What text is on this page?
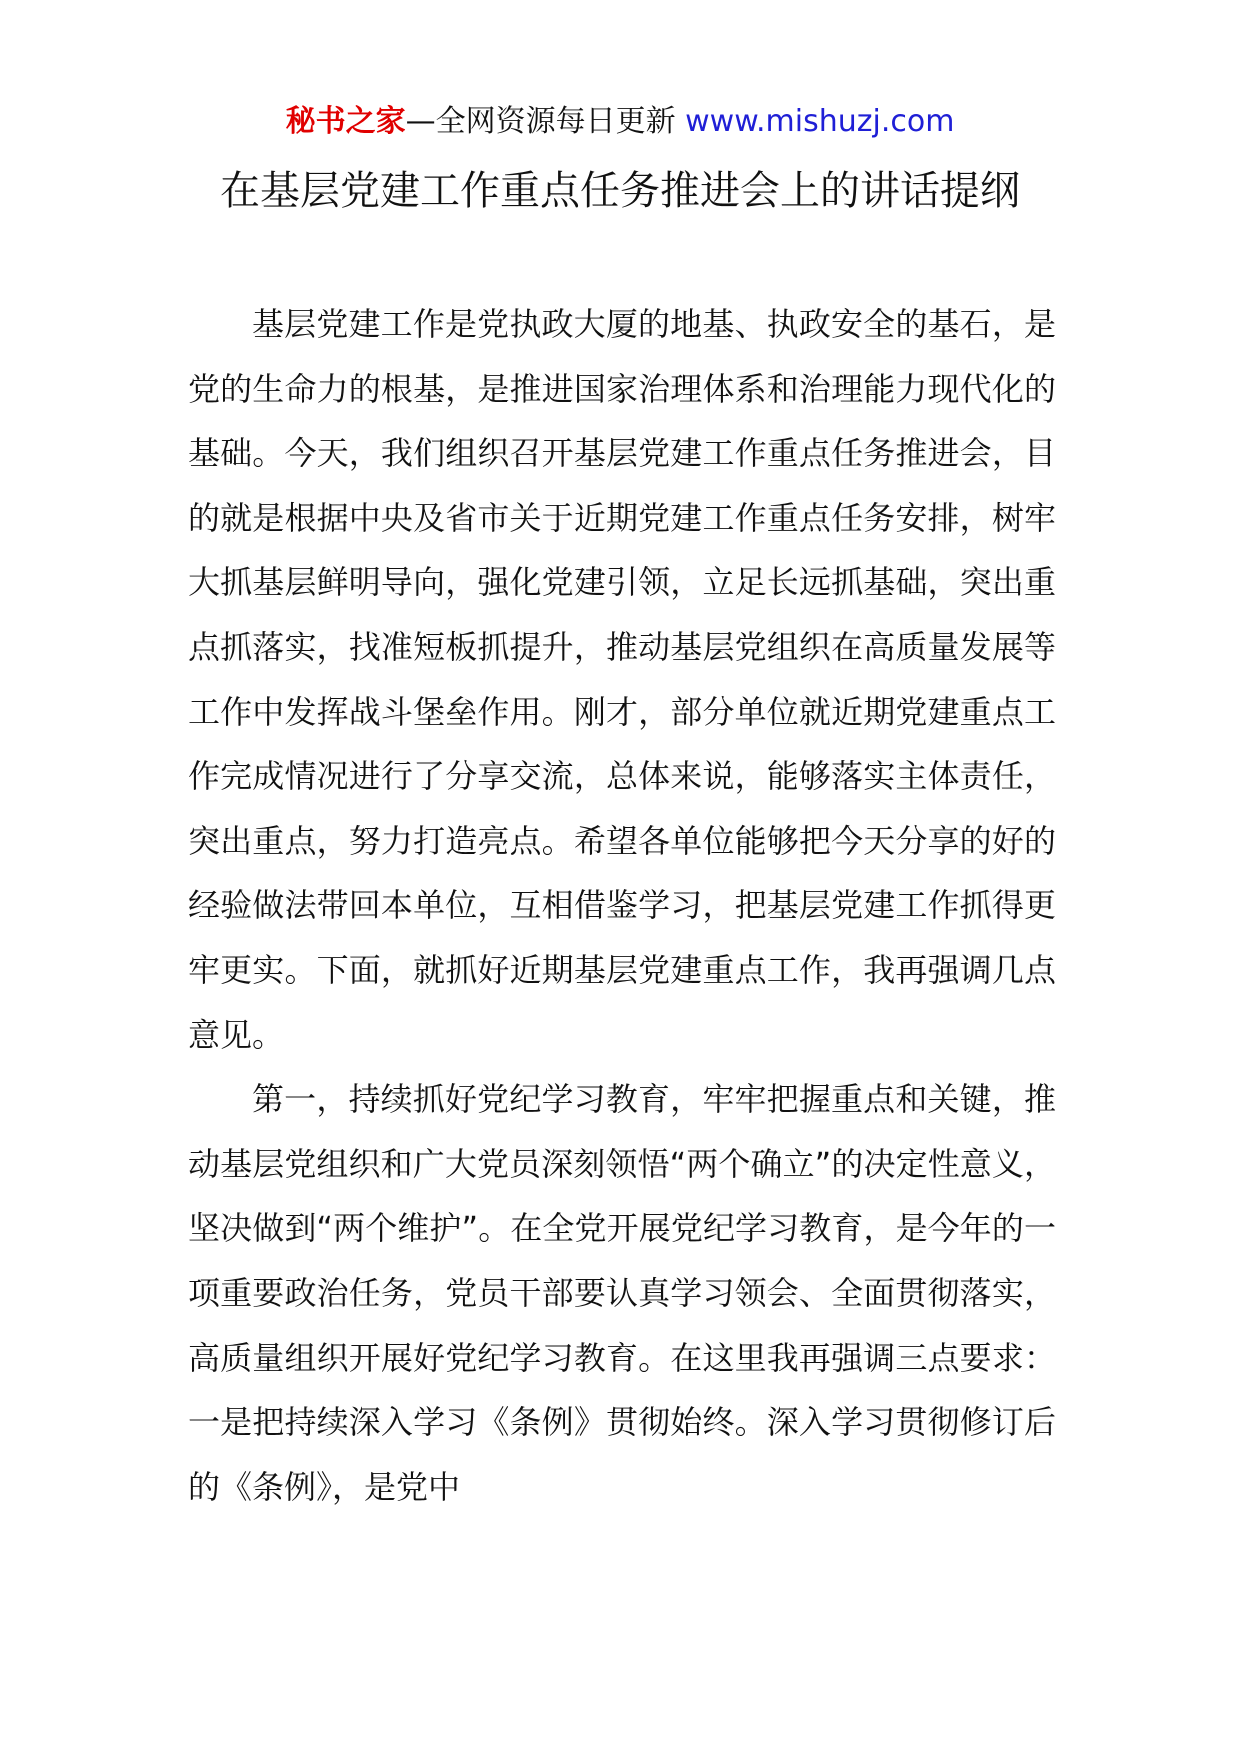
秘书之家—全网资源每日更新 www.mishuzj.com
在基层党建工作重点任务推进会上的讲话提纲

基层党建工作是党执政大厦的地基、执政安全的基石，是党的生命力的根基，是推进国家治理体系和治理能力现代化的基础。今天，我们组织召开基层党建工作重点任务推进会，目的就是根据中央及省市关于近期党建工作重点任务安排，树牢大抓基层鲜明导向，强化党建引领，立足长远抓基础，突出重点抓落实，找准短板抓提升，推动基层党组织在高质量发展等工作中发挥战斗堡垒作用。刚才，部分单位就近期党建重点工作完成情况进行了分享交流，总体来说，能够落实主体责任，突出重点，努力打造亮点。希望各单位能够把今天分享的好的经验做法带回本单位，互相借鉴学习，把基层党建工作抓得更牢更实。下面，就抓好近期基层党建重点工作，我再强调几点意见。

第一，持续抓好党纪学习教育，牢牢把握重点和关键，推动基层党组织和广大党员深刻领悟“两个确立”的决定性意义，坚决做到“两个维护”。在全党开展党纪学习教育，是今年的一项重要政治任务，党员干部要认真学习领会、全面贯彻落实，高质量组织开展好党纪学习教育。在这里我再强调三点要求：一是把持续深入学习《条例》贯彻始终。深入学习贯彻修订后的《条例》，是党中
